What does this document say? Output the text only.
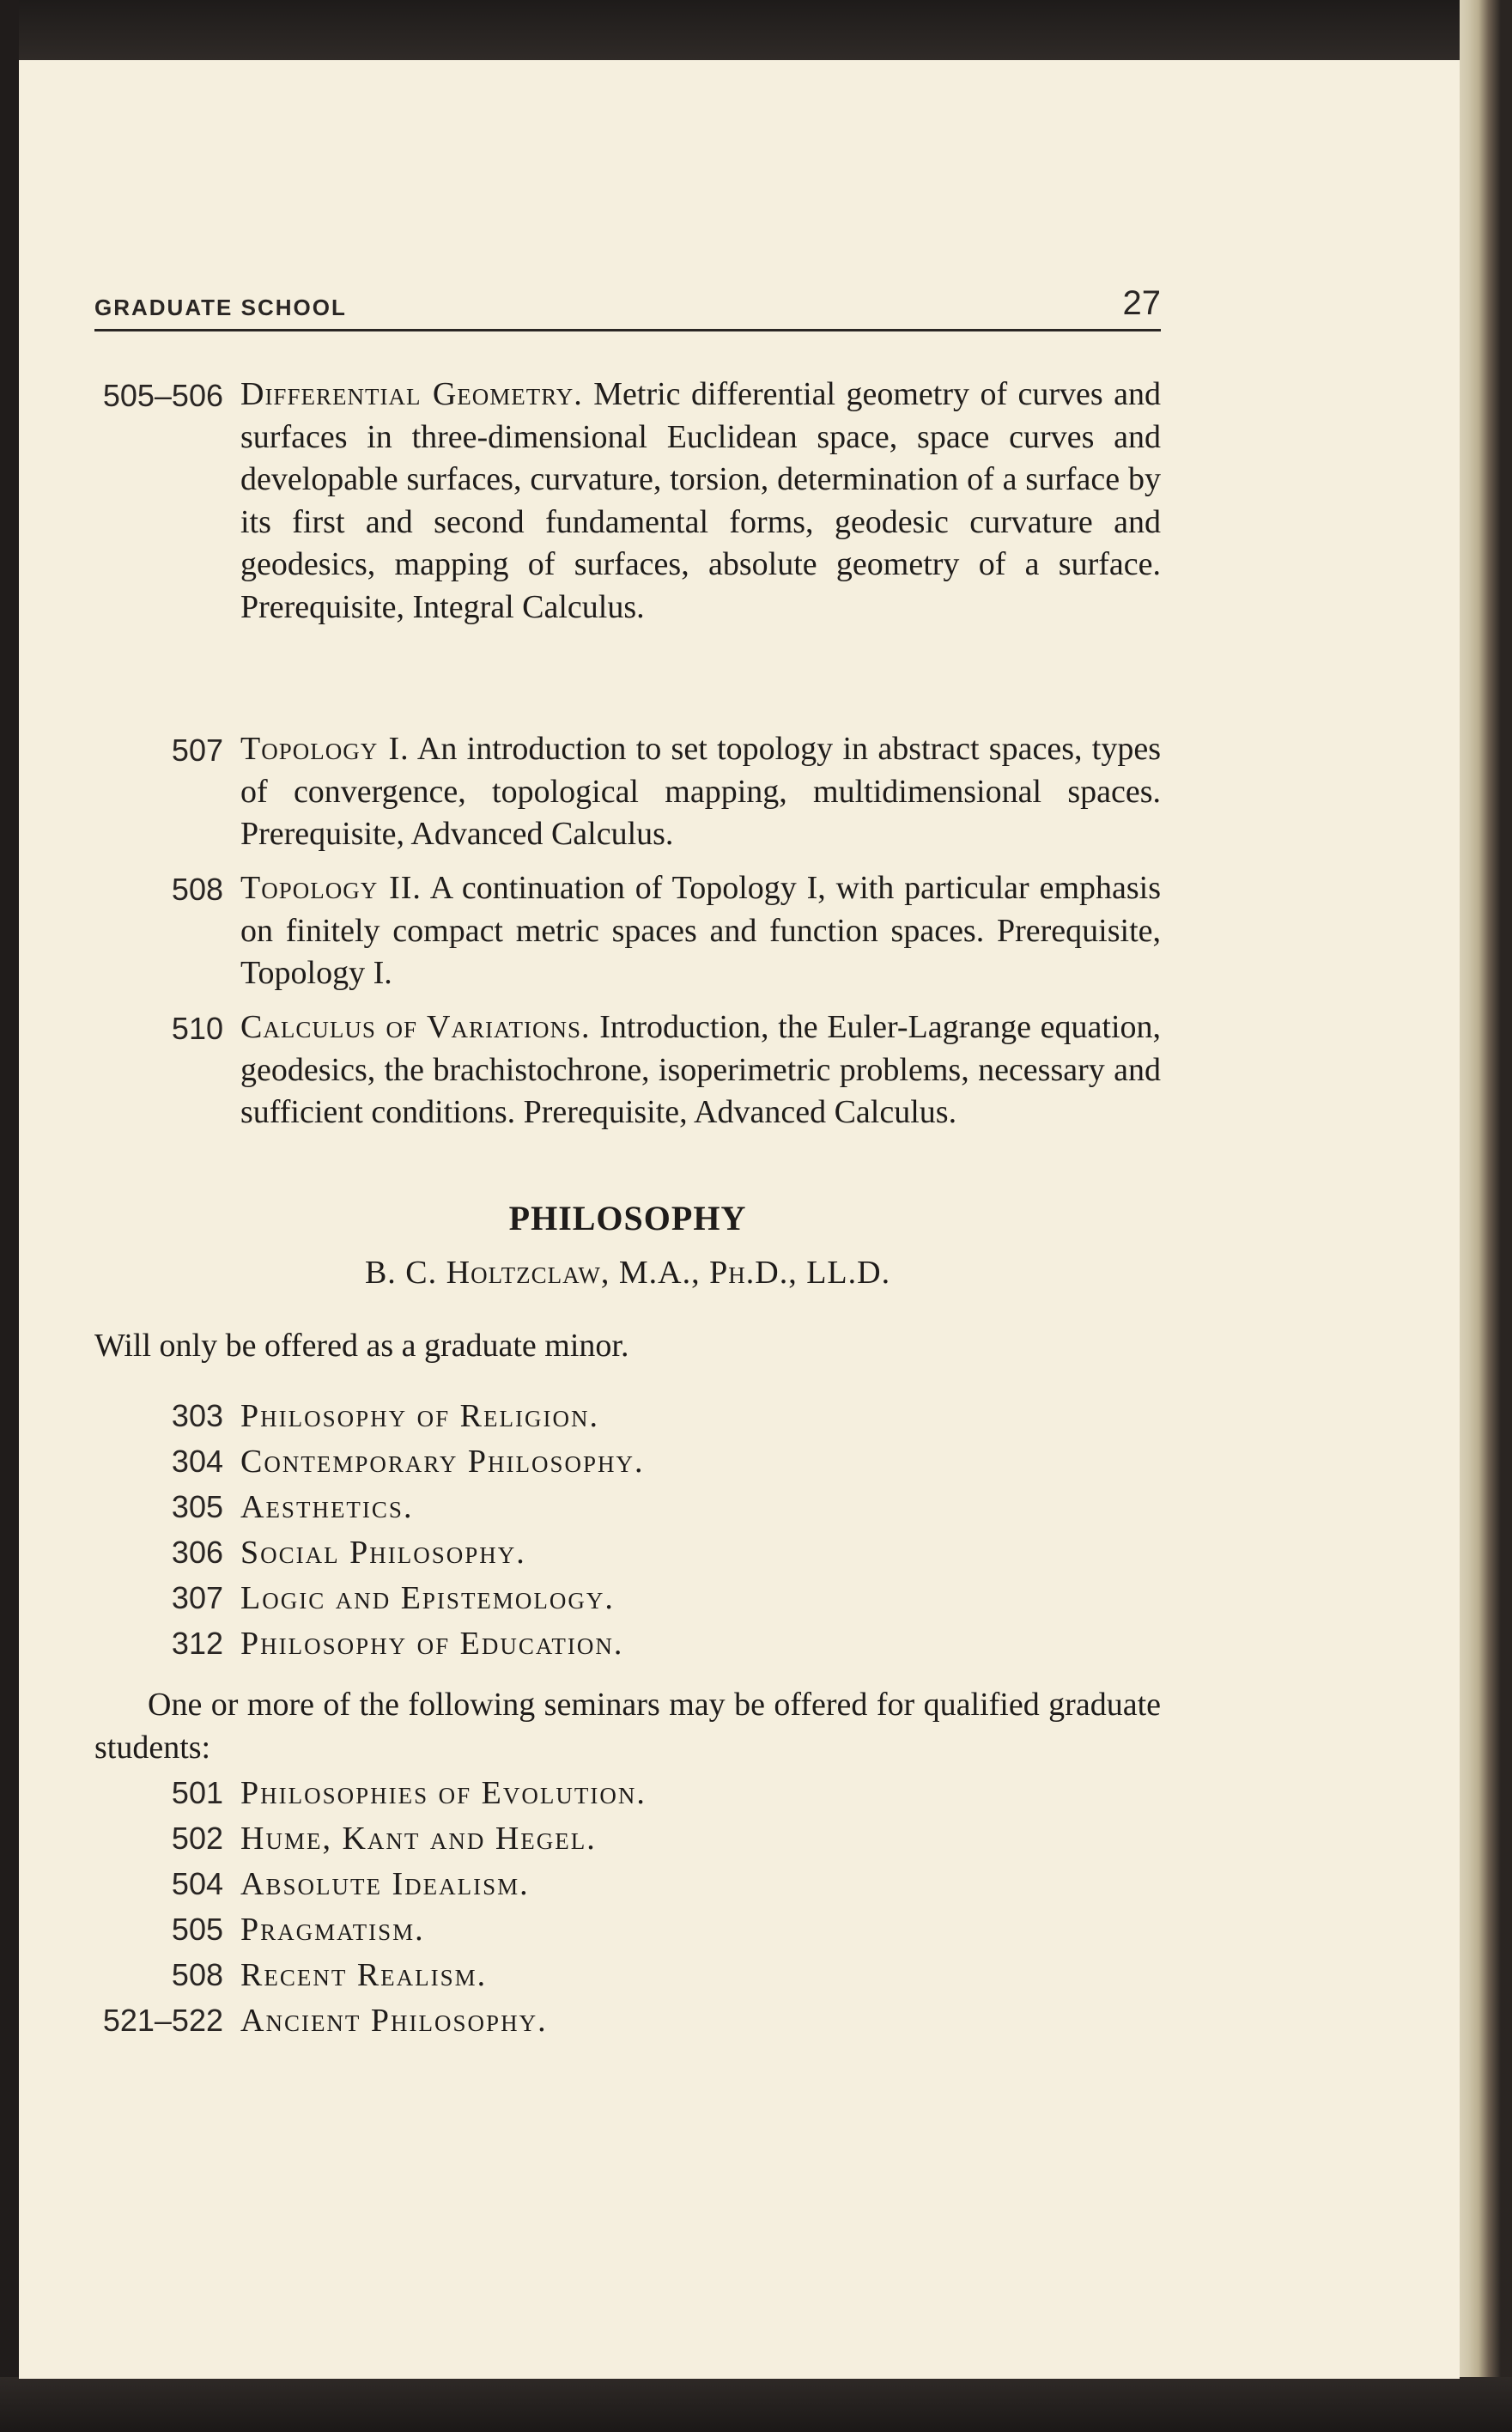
GRADUATE SCHOOL	27
505–506 Differential Geometry. Metric differential geometry of curves and surfaces in three-dimensional Euclidean space, space curves and developable surfaces, curvature, torsion, determination of a surface by its first and second fundamental forms, geodesic curvature and geodesics, mapping of surfaces, absolute geometry of a surface. Prerequisite, Integral Calculus.
507 Topology I. An introduction to set topology in abstract spaces, types of convergence, topological mapping, multidimensional spaces. Prerequisite, Advanced Calculus.
508 Topology II. A continuation of Topology I, with particular emphasis on finitely compact metric spaces and function spaces. Prerequisite, Topology I.
510 Calculus of Variations. Introduction, the Euler-Lagrange equation, geodesics, the brachistochrone, isoperimetric problems, necessary and sufficient conditions. Prerequisite, Advanced Calculus.
PHILOSOPHY
B. C. Holtzclaw, M.A., Ph.D., LL.D.
Will only be offered as a graduate minor.
303 Philosophy of Religion.
304 Contemporary Philosophy.
305 Aesthetics.
306 Social Philosophy.
307 Logic and Epistemology.
312 Philosophy of Education.
One or more of the following seminars may be offered for qualified graduate students:
501 Philosophies of Evolution.
502 Hume, Kant and Hegel.
504 Absolute Idealism.
505 Pragmatism.
508 Recent Realism.
521–522 Ancient Philosophy.
